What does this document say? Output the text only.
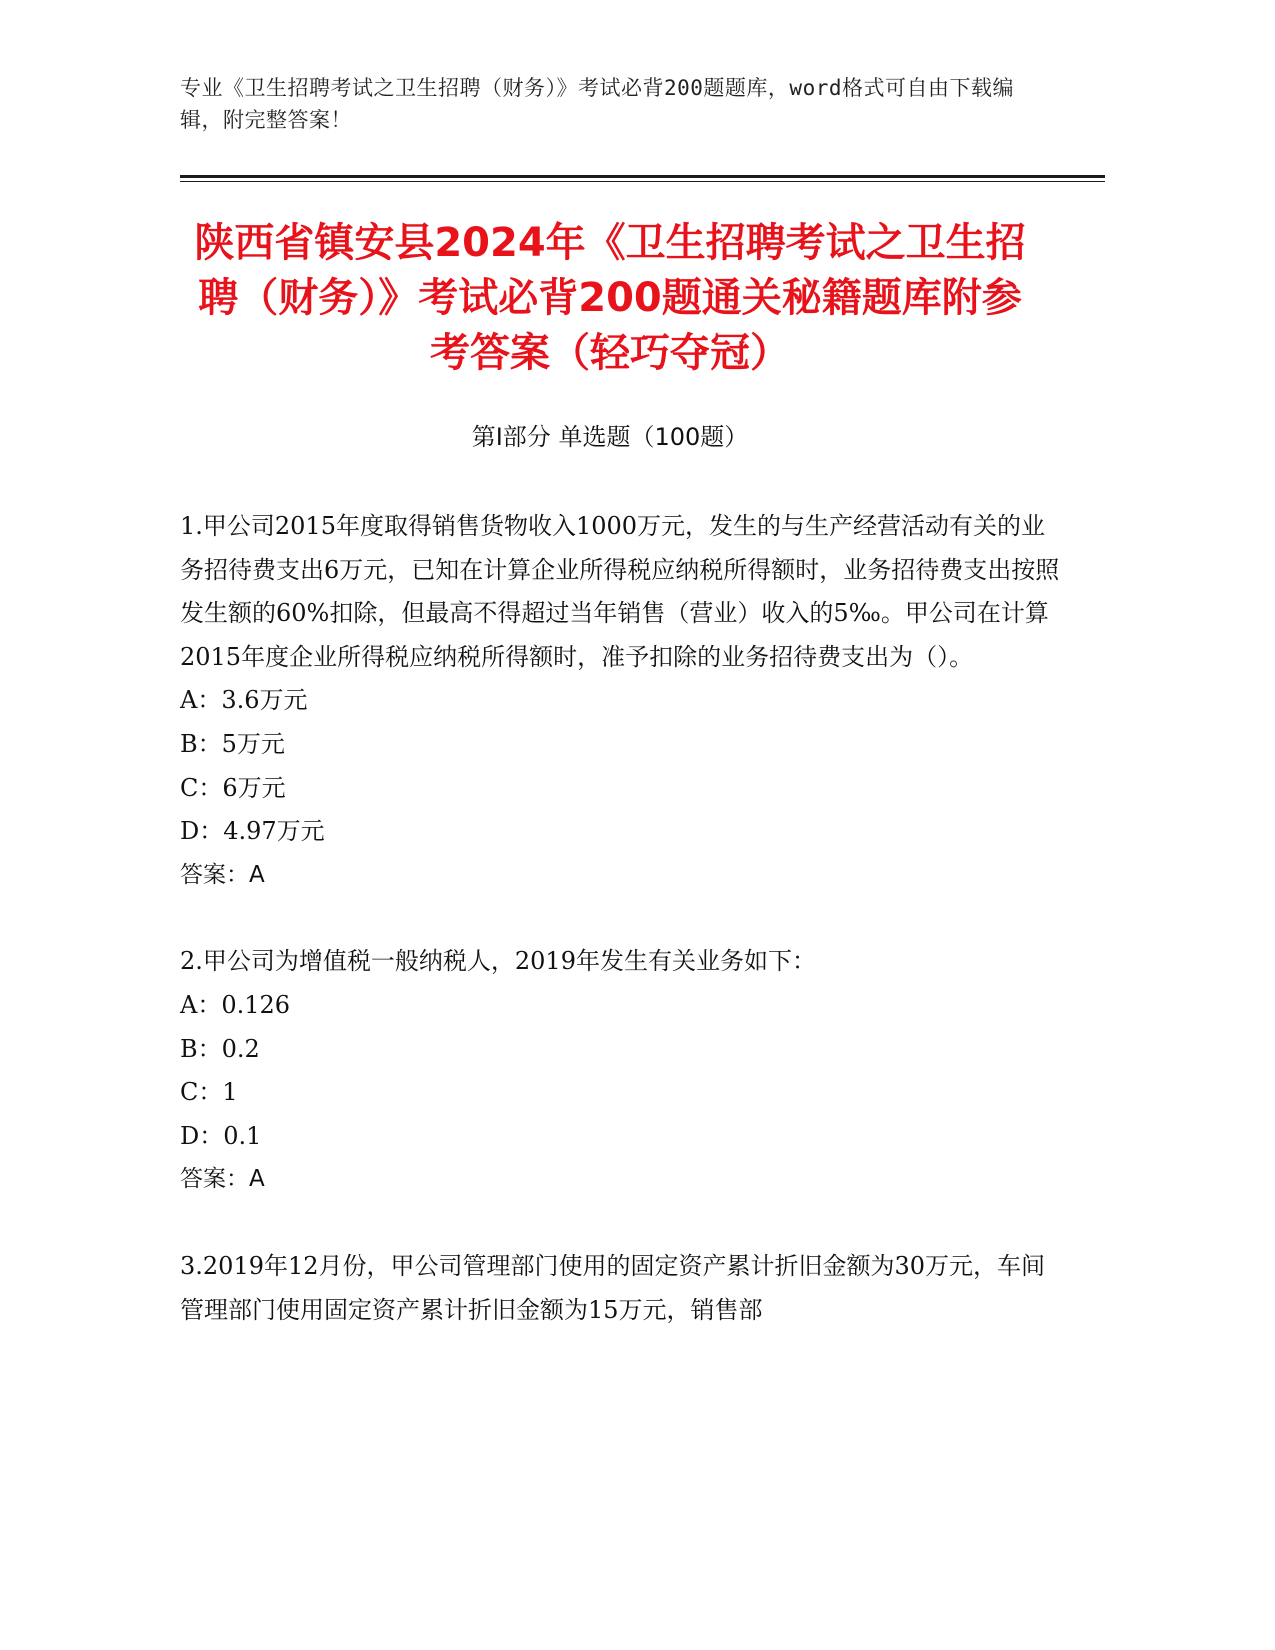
专业《卫生招聘考试之卫生招聘（财务）》考试必背200题题库，word格式可自由下载编辑，附完整答案！
陕西省镇安县2024年《卫生招聘考试之卫生招聘（财务）》考试必背200题通关秘籍题库附参考答案（轻巧夺冠）
第Ⅰ部分 单选题（100题）

1.甲公司2015年度取得销售货物收入1000万元，发生的与生产经营活动有关的业务招待费支出6万元，已知在计算企业所得税应纳税所得额时，业务招待费支出按照发生额的60%扣除，但最高不得超过当年销售（营业）收入的5‰。甲公司在计算2015年度企业所得税应纳税所得额时，准予扣除的业务招待费支出为（）。

A：3.6万元

B：5万元

C：6万元

D：4.97万元

答案：A

2.甲公司为增值税一般纳税人，2019年发生有关业务如下：

A：0.126

B：0.2

C：1

D：0.1

答案：A

3.2019年12月份，甲公司管理部门使用的固定资产累计折旧金额为30万元，车间管理部门使用固定资产累计折旧金额为15万元，销售部
